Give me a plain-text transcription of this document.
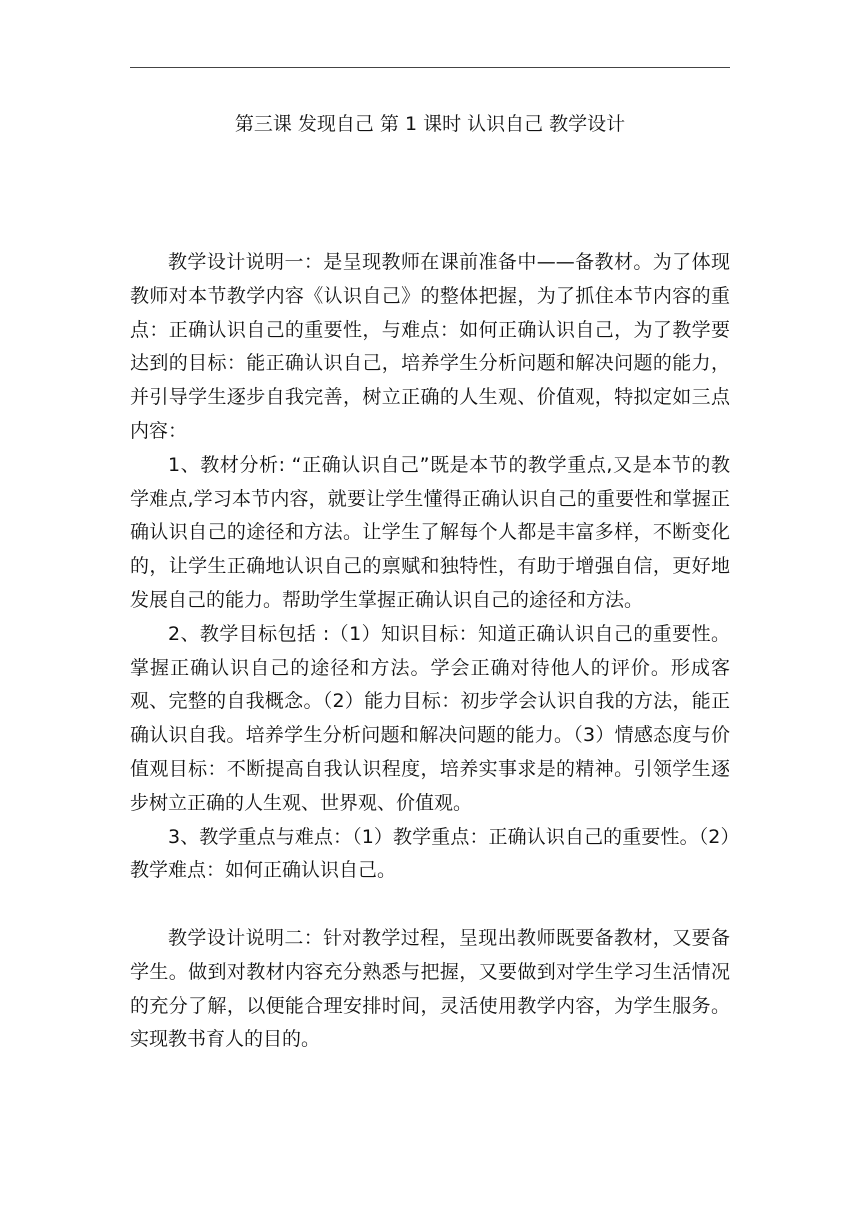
第三课 发现自己 第 1 课时 认识自己 教学设计

教学设计说明一：是呈现教师在课前准备中——备教材。为了体现教师对本节教学内容《认识自己》的整体把握，为了抓住本节内容的重点：正确认识自己的重要性，与难点：如何正确认识自己，为了教学要达到的目标：能正确认识自己，培养学生分析问题和解决问题的能力，并引导学生逐步自我完善，树立正确的人生观、价值观，特拟定如三点内容：

1、教材分析: “正确认识自己”既是本节的教学重点,又是本节的教学难点,学习本节内容，就要让学生懂得正确认识自己的重要性和掌握正确认识自己的途径和方法。让学生了解每个人都是丰富多样，不断变化 的，让学生正确地认识自己的禀赋和独特性，有助于增强自信，更好地发展自己的能力。帮助学生掌握正确认识自己的途径和方法。

2、教学目标包括 :（1）知识目标：知道正确认识自己的重要性。掌握正确认识自己的途径和方法。学会正确对待他人的评价。形成客观、完整的自我概念。（2）能力目标：初步学会认识自我的方法，能正确认识自我。培养学生分析问题和解决问题的能力。（3）情感态度与价值观目标：不断提高自我认识程度，培养实事求是的精神。引领学生逐步树立正确的人生观、世界观、价值观。

3、教学重点与难点：（1）教学重点：正确认识自己的重要性。（2）教学难点：如何正确认识自己。

教学设计说明二：针对教学过程，呈现出教师既要备教材，又要备学生。做到对教材内容充分熟悉与把握，又要做到对学生学习生活情况的充分了解，以便能合理安排时间，灵活使用教学内容，为学生服务。实现教书育人的目的。
